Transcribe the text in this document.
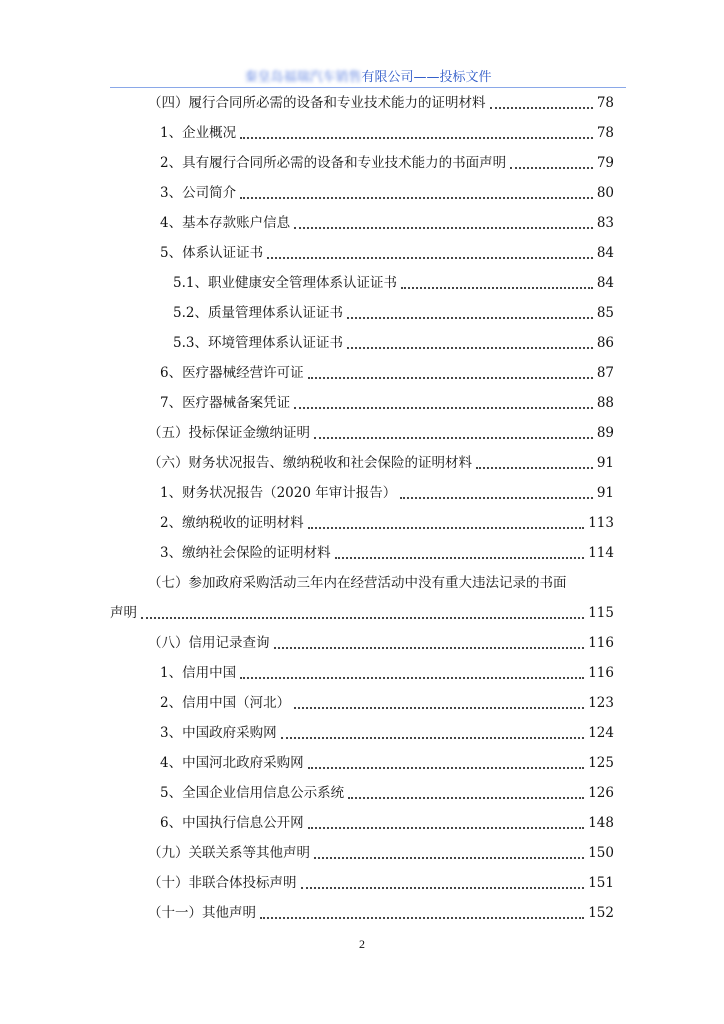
秦皇岛福瑞汽车销售有限公司——投标文件
（四）履行合同所必需的设备和专业技术能力的证明材料	78
1、企业概况	78
2、具有履行合同所必需的设备和专业技术能力的书面声明	79
3、公司简介	80
4、基本存款账户信息	83
5、体系认证证书	84
5.1、职业健康安全管理体系认证证书	84
5.2、质量管理体系认证证书	85
5.3、环境管理体系认证证书	86
6、医疗器械经营许可证	87
7、医疗器械备案凭证	88
（五）投标保证金缴纳证明	89
（六）财务状况报告、缴纳税收和社会保险的证明材料	91
1、财务状况报告（2020 年审计报告）	91
2、缴纳税收的证明材料	113
3、缴纳社会保险的证明材料	114
（七）参加政府采购活动三年内在经营活动中没有重大违法记录的书面
声明	115
（八）信用记录查询	116
1、信用中国	116
2、信用中国（河北）	123
3、中国政府采购网	124
4、中国河北政府采购网	125
5、全国企业信用信息公示系统	126
6、中国执行信息公开网	148
（九）关联关系等其他声明	150
（十）非联合体投标声明	151
（十一）其他声明	152
2
